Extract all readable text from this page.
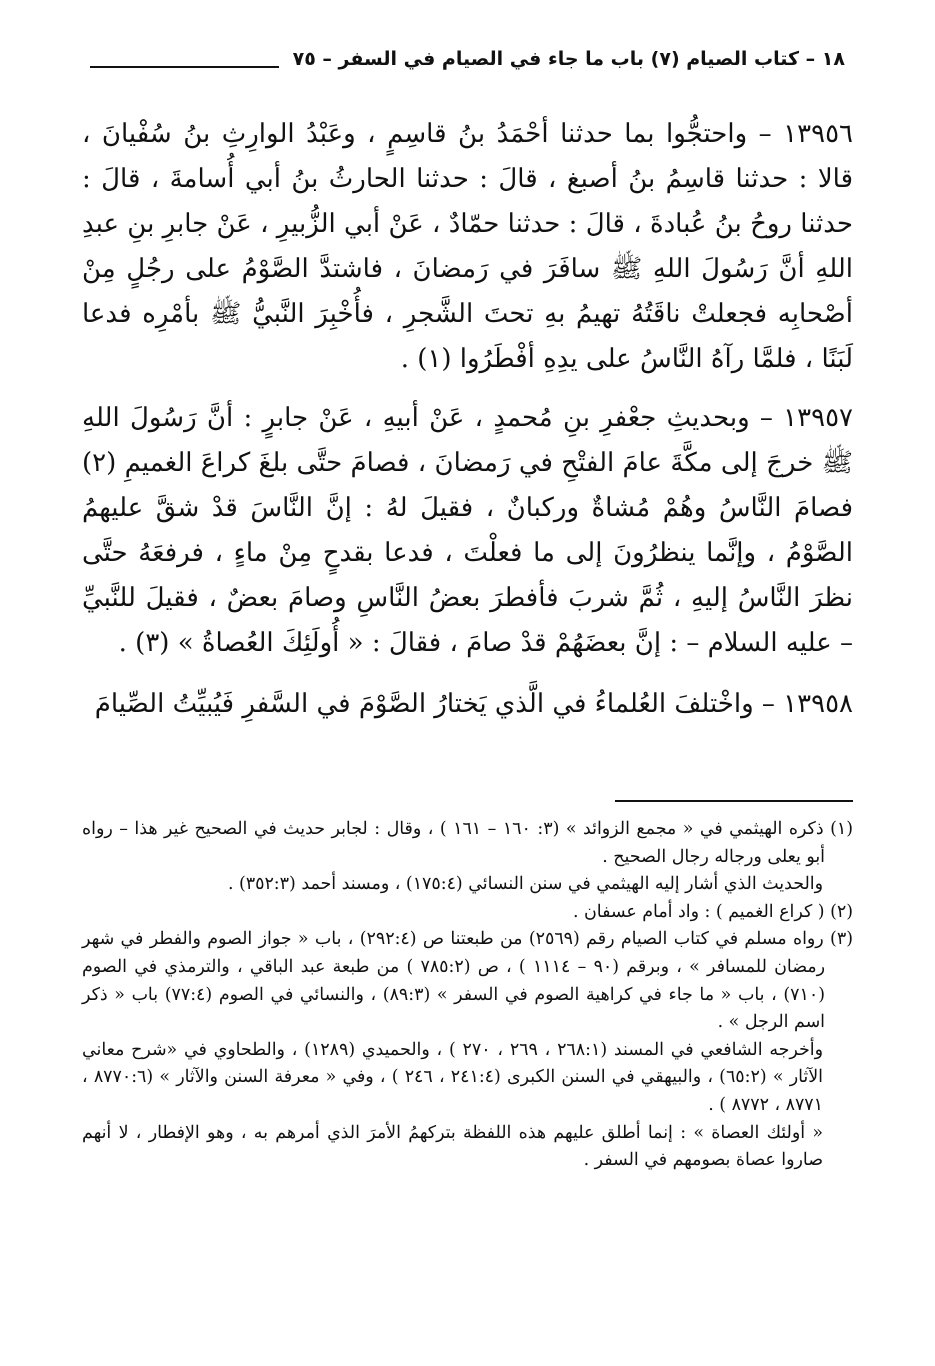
١٨ – كتاب الصيام (٧) باب ما جاء في الصيام في السفر – ٧٥

١٣٩٥٦ – واحتجُّوا بما حدثنا أحْمَدُ بنُ قاسِمٍ ، وعَبْدُ الوارِثِ بنُ سُفْيانَ ، قالا : حدثنا قاسِمُ بنُ أصبغ ، قالَ : حدثنا الحارثُ بنُ أبي أُسامةَ ، قالَ : حدثنا روحُ بنُ عُبادةَ ، قالَ : حدثنا حمّادٌ ، عَنْ أبي الزُّبيرِ ، عَنْ جابرِ بنِ عبدِ اللهِ أنَّ رَسُولَ اللهِ ﷺ سافَرَ في رَمضانَ ، فاشتدَّ الصَّوْمُ على رجُلٍ مِنْ أصْحابِه فجعلتْ ناقَتُهُ تهيمُ بهِ تحتَ الشَّجرِ ، فأُخْبِرَ النَّبيُّ ﷺ بأمْرِه فدعا لَبَنًا ، فلمَّا رآهُ النَّاسُ على يدِهِ أفْطَرُوا (١) .

١٣٩٥٧ – وبحديثِ جعْفرِ بنِ مُحمدٍ ، عَنْ أبيهِ ، عَنْ جابرٍ : أنَّ رَسُولَ اللهِ ﷺ خرجَ إلى مكَّةَ عامَ الفتْحِ في رَمضانَ ، فصامَ حتَّى بلغَ كراعَ الغميمِ (٢) فصامَ النَّاسُ وهُمْ مُشاةٌ وركبانٌ ، فقيلَ لهُ : إنَّ النَّاسَ قدْ شقَّ عليهمُ الصَّوْمُ ، وإنَّما ينظرُونَ إلى ما فعلْتَ ، فدعا بقدحٍ مِنْ ماءٍ ، فرفعَهُ حتَّى نظرَ النَّاسُ إليهِ ، ثُمَّ شربَ فأفطرَ بعضُ النَّاسِ وصامَ بعضٌ ، فقيلَ للنَّبيِّ – عليه السلام – : إنَّ بعضَهُمْ قدْ صامَ ، فقالَ : « أُولَئِكَ العُصاةُ » (٣) .

١٣٩٥٨ – واخْتلفَ العُلماءُ في الَّذي يَختارُ الصَّوْمَ في السَّفرِ فَيُبيِّتُ الصِّيامَ

(١) ذكره الهيثمي في « مجمع الزوائد » (٣: ١٦٠ – ١٦١ ) ، وقال : لجابر حديث في الصحيح غير هذا – رواه أبو يعلى ورجاله رجال الصحيح .

والحديث الذي أشار إليه الهيثمي في سنن النسائي (١٧٥:٤) ، ومسند أحمد (٣٥٢:٣) .

(٢) ( كراع الغميم ) : واد أمام عسفان .

(٣) رواه مسلم في كتاب الصيام رقم (٢٥٦٩) من طبعتنا ص (٢٩٢:٤) ، باب « جواز الصوم والفطر في شهر رمضان للمسافر » ، وبرقم (٩٠ – ١١١٤ ) ، ص (٧٨٥:٢ ) من طبعة عبد الباقي ، والترمذي في الصوم (٧١٠) ، باب « ما جاء في كراهية الصوم في السفر » (٨٩:٣) ، والنسائي في الصوم (٧٧:٤) باب « ذكر اسم الرجل » .

وأخرجه الشافعي في المسند (٢٦٨:١ ، ٢٦٩ ، ٢٧٠ ) ، والحميدي (١٢٨٩) ، والطحاوي في «شرح معاني الآثار » (٦٥:٢) ، والبيهقي في السنن الكبرى (٢٤١:٤ ، ٢٤٦ ) ، وفي « معرفة السنن والآثار » (٨٧٧٠:٦ ، ٨٧٧١ ، ٨٧٧٢ ) .

« أولئك العصاة » : إنما أطلق عليهم هذه اللفظة بتركهمُ الأمرَ الذي أمرهم به ، وهو الإفطار ، لا أنهم صاروا عصاة بصومهم في السفر .
